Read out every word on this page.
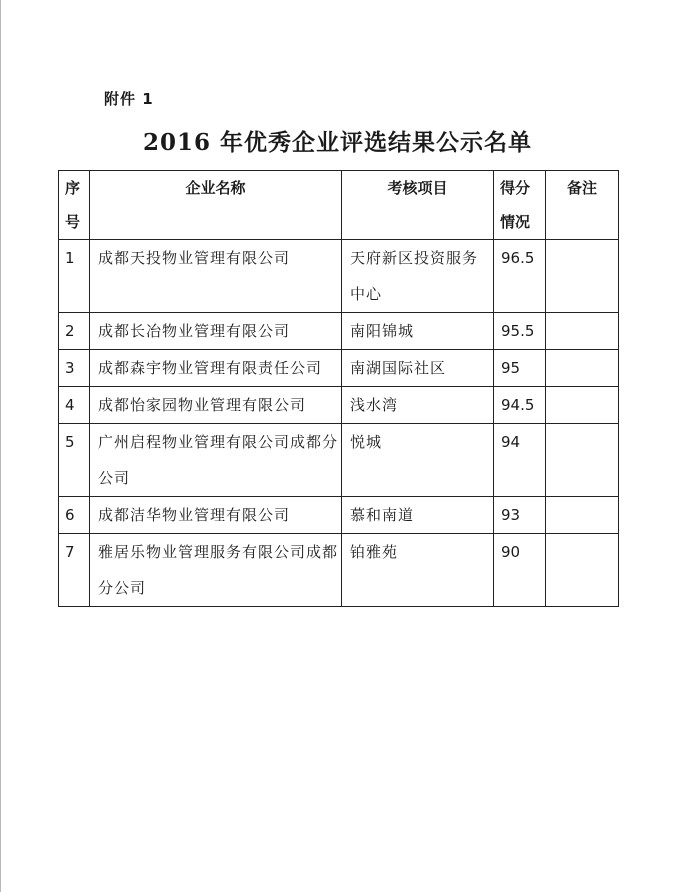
附件 1
2016 年优秀企业评选结果公示名单
序号	企业名称	考核项目	得分情况	备注
1	成都天投物业管理有限公司	天府新区投资服务中心	96.5	
2	成都长冶物业管理有限公司	南阳锦城	95.5	
3	成都森宇物业管理有限责任公司	南湖国际社区	95	
4	成都怡家园物业管理有限公司	浅水湾	94.5	
5	广州启程物业管理有限公司成都分公司	悦城	94	
6	成都洁华物业管理有限公司	慕和南道	93	
7	雅居乐物业管理服务有限公司成都分公司	铂雅苑	90	
